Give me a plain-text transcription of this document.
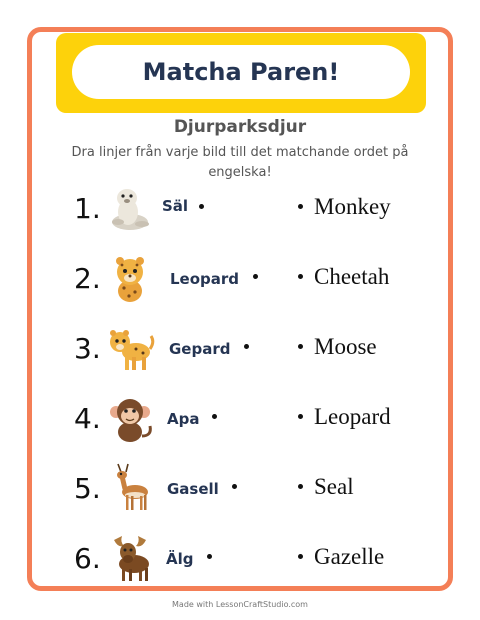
Matcha Paren!
Djurparksdjur
Dra linjer från varje bild till det matchande ordet på engelska!
1.	Säl	Monkey
2.	Leopard	Cheetah
3.	Gepard	Moose
4.	Apa	Leopard
5.	Gasell	Seal
6.	Älg	Gazelle
Made with LessonCraftStudio.com
